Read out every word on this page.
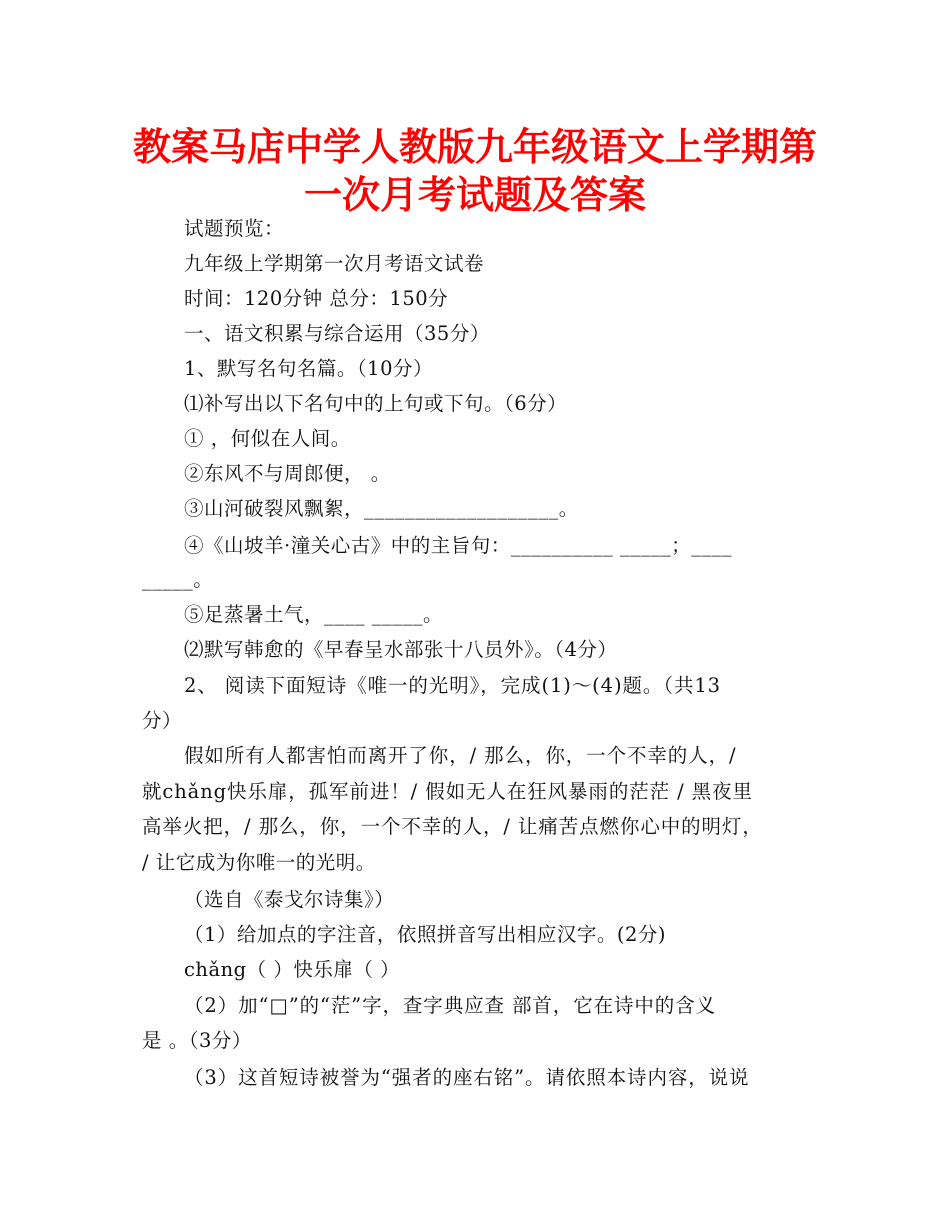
教案马店中学人教版九年级语文上学期第
一次月考试题及答案
试题预览：
九年级上学期第一次月考语文试卷
时间：120分钟 总分：150分
一、语文积累与综合运用（35分）
1、默写名句名篇。（10分）
⑴补写出以下名句中的上句或下句。（6分）
① ，何似在人间。
②东风不与周郎便， 。
③山河破裂风飘絮，___________________。
④《山坡羊·潼关心古》中的主旨句：__________ _____；____
_____。
⑤足蒸暑土气，____ _____。
⑵默写韩愈的《早春呈水部张十八员外》。（4分）
2、 阅读下面短诗《唯一的光明》，完成(1)～(4)题。（共13
分）
假如所有人都害怕而离开了你，/ 那么，你，一个不幸的人，/
就chǎng快乐扉，孤军前进！/ 假如无人在狂风暴雨的茫茫 / 黑夜里
高举火把，/ 那么，你，一个不幸的人，/ 让痛苦点燃你心中的明灯，
/ 让它成为你唯一的光明。
（选自《泰戈尔诗集》）
（1）给加点的字注音，依照拼音写出相应汉字。(2分)
chǎng（ ）快乐扉（ ）
（2）加“□”的“茫”字，查字典应查 部首，它在诗中的含义
是 。（3分）
（3）这首短诗被誉为“强者的座右铭”。请依照本诗内容，说说
